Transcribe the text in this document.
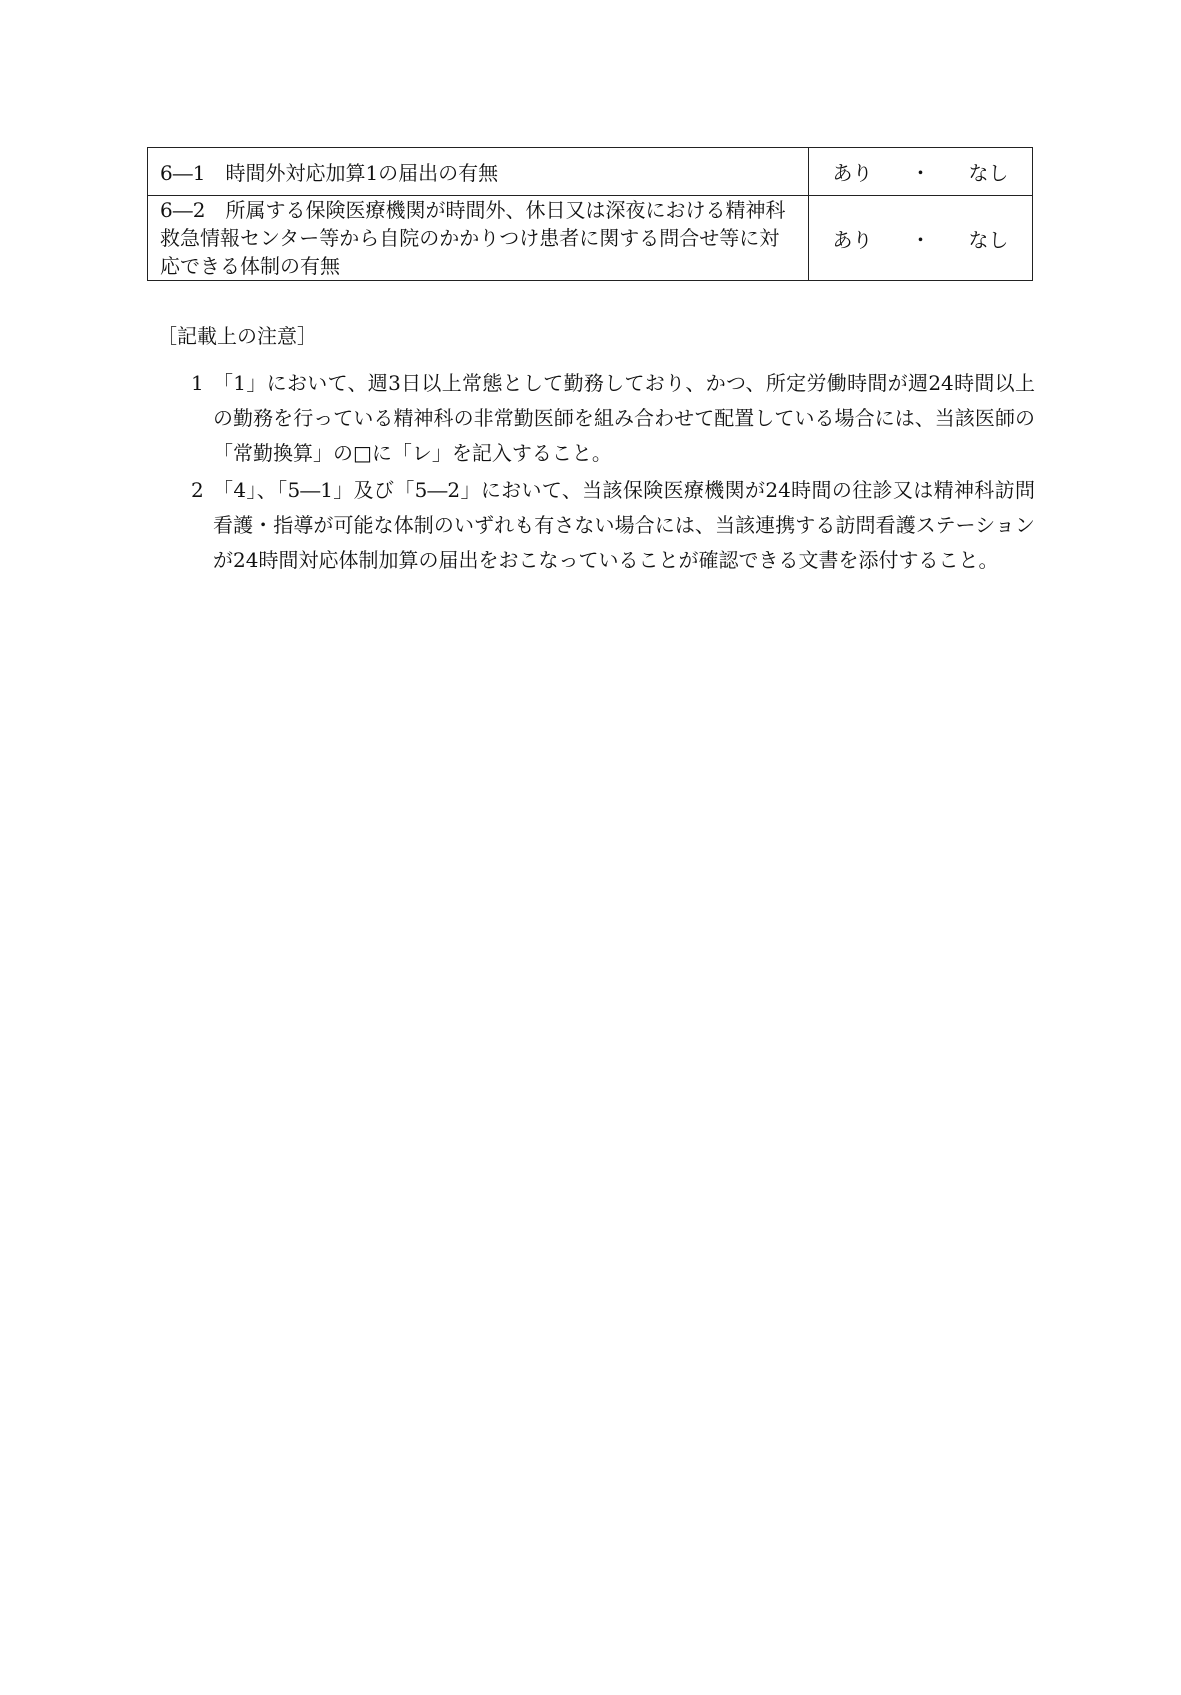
6―1　時間外対応加算1の届出の有無	あり ・ なし
6―2　所属する保険医療機関が時間外、休日又は深夜における精神科救急情報センター等から自院のかかりつけ患者に関する問合せ等に対応できる体制の有無	あり ・ なし
［記載上の注意］
1 「1」において、週3日以上常態として勤務しており、かつ、所定労働時間が週24時間以上の勤務を行っている精神科の非常勤医師を組み合わせて配置している場合には、当該医師の「常勤換算」の□に「レ」を記入すること。
2 「4」、「5―1」及び「5―2」において、当該保険医療機関が24時間の往診又は精神科訪問看護・指導が可能な体制のいずれも有さない場合には、当該連携する訪問看護ステーションが24時間対応体制加算の届出をおこなっていることが確認できる文書を添付すること。
